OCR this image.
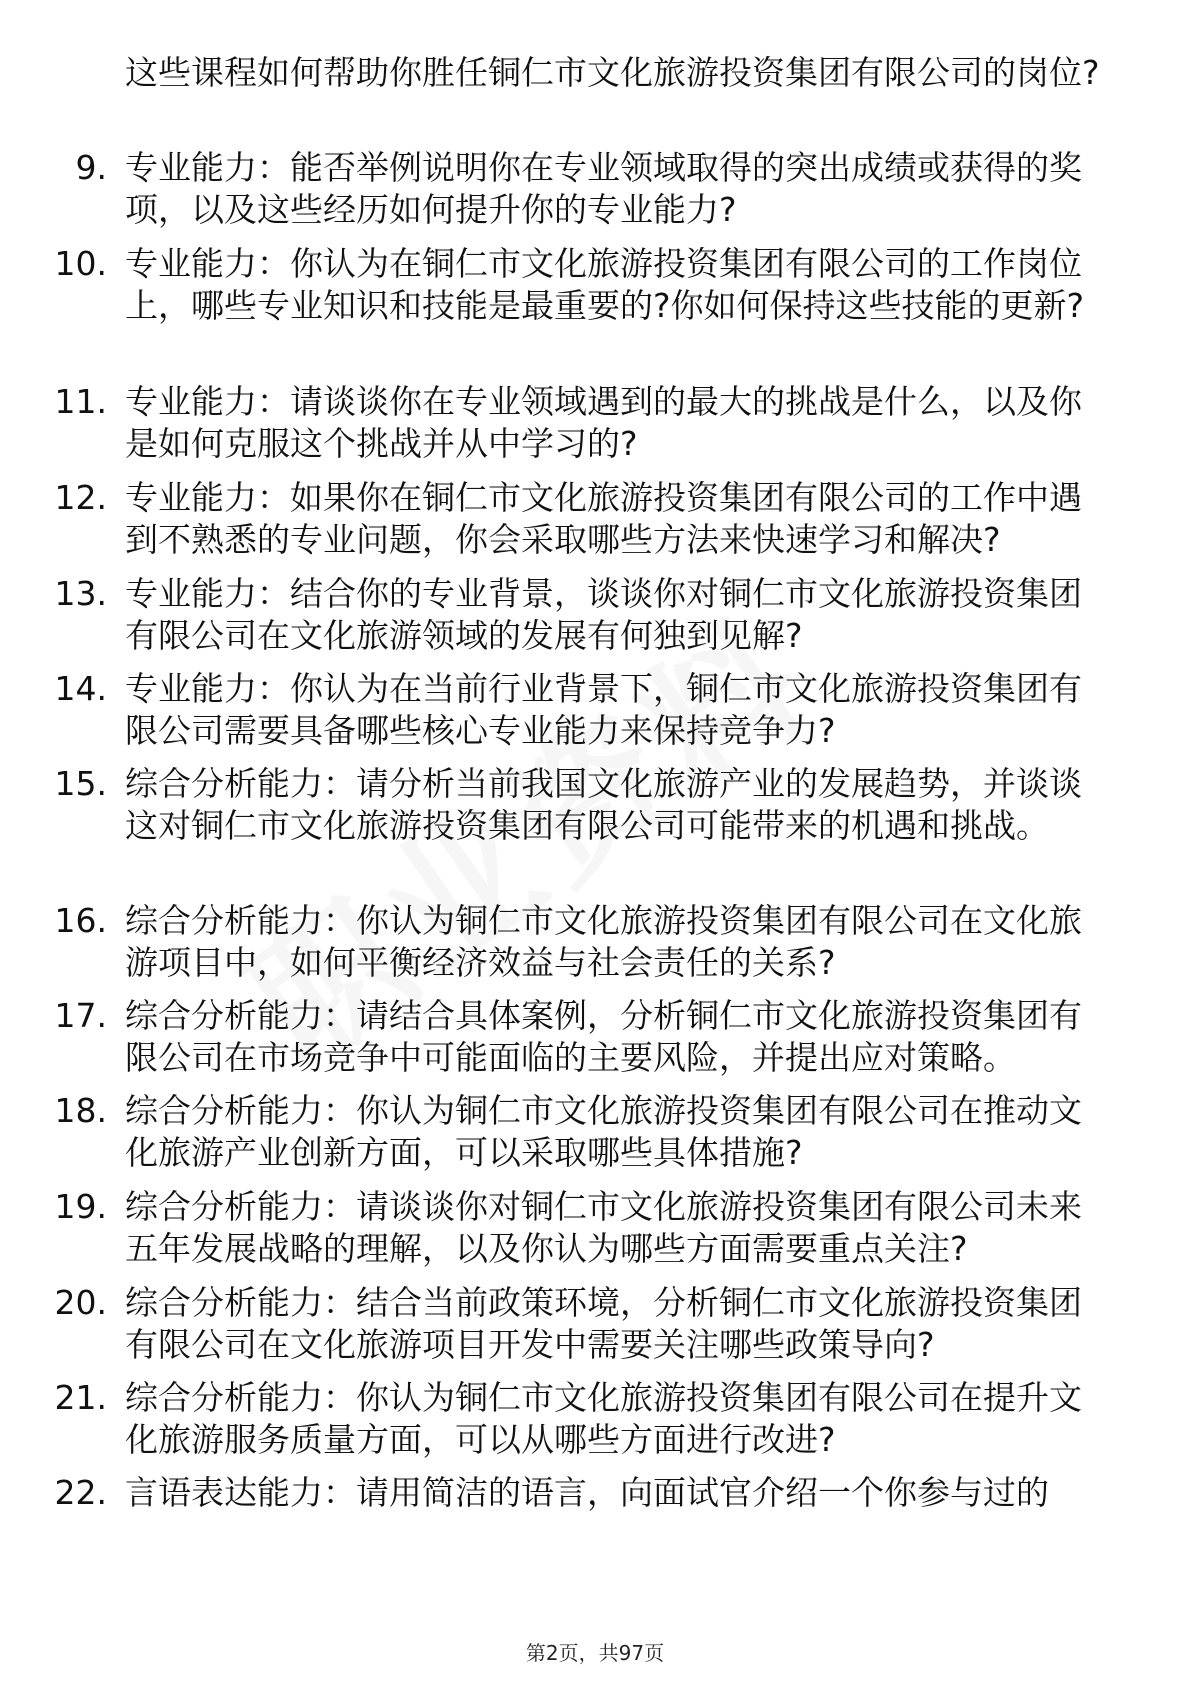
这些课程如何帮助你胜任铜仁市文化旅游投资集团有限公司的岗位?
9. 专业能力：能否举例说明你在专业领域取得的突出成绩或获得的奖项，以及这些经历如何提升你的专业能力?
10. 专业能力：你认为在铜仁市文化旅游投资集团有限公司的工作岗位上，哪些专业知识和技能是最重要的?你如何保持这些技能的更新?
11. 专业能力：请谈谈你在专业领域遇到的最大的挑战是什么，以及你是如何克服这个挑战并从中学习的?
12. 专业能力：如果你在铜仁市文化旅游投资集团有限公司的工作中遇到不熟悉的专业问题，你会采取哪些方法来快速学习和解决?
13. 专业能力：结合你的专业背景，谈谈你对铜仁市文化旅游投资集团有限公司在文化旅游领域的发展有何独到见解?
14. 专业能力：你认为在当前行业背景下，铜仁市文化旅游投资集团有限公司需要具备哪些核心专业能力来保持竞争力?
15. 综合分析能力：请分析当前我国文化旅游产业的发展趋势，并谈谈这对铜仁市文化旅游投资集团有限公司可能带来的机遇和挑战。
16. 综合分析能力：你认为铜仁市文化旅游投资集团有限公司在文化旅游项目中，如何平衡经济效益与社会责任的关系?
17. 综合分析能力：请结合具体案例，分析铜仁市文化旅游投资集团有限公司在市场竞争中可能面临的主要风险，并提出应对策略。
18. 综合分析能力：你认为铜仁市文化旅游投资集团有限公司在推动文化旅游产业创新方面，可以采取哪些具体措施?
19. 综合分析能力：请谈谈你对铜仁市文化旅游投资集团有限公司未来五年发展战略的理解，以及你认为哪些方面需要重点关注?
20. 综合分析能力：结合当前政策环境，分析铜仁市文化旅游投资集团有限公司在文化旅游项目开发中需要关注哪些政策导向?
21. 综合分析能力：你认为铜仁市文化旅游投资集团有限公司在提升文化旅游服务质量方面，可以从哪些方面进行改进?
22. 言语表达能力：请用简洁的语言，向面试官介绍一个你参与过的
第2页，共97页
